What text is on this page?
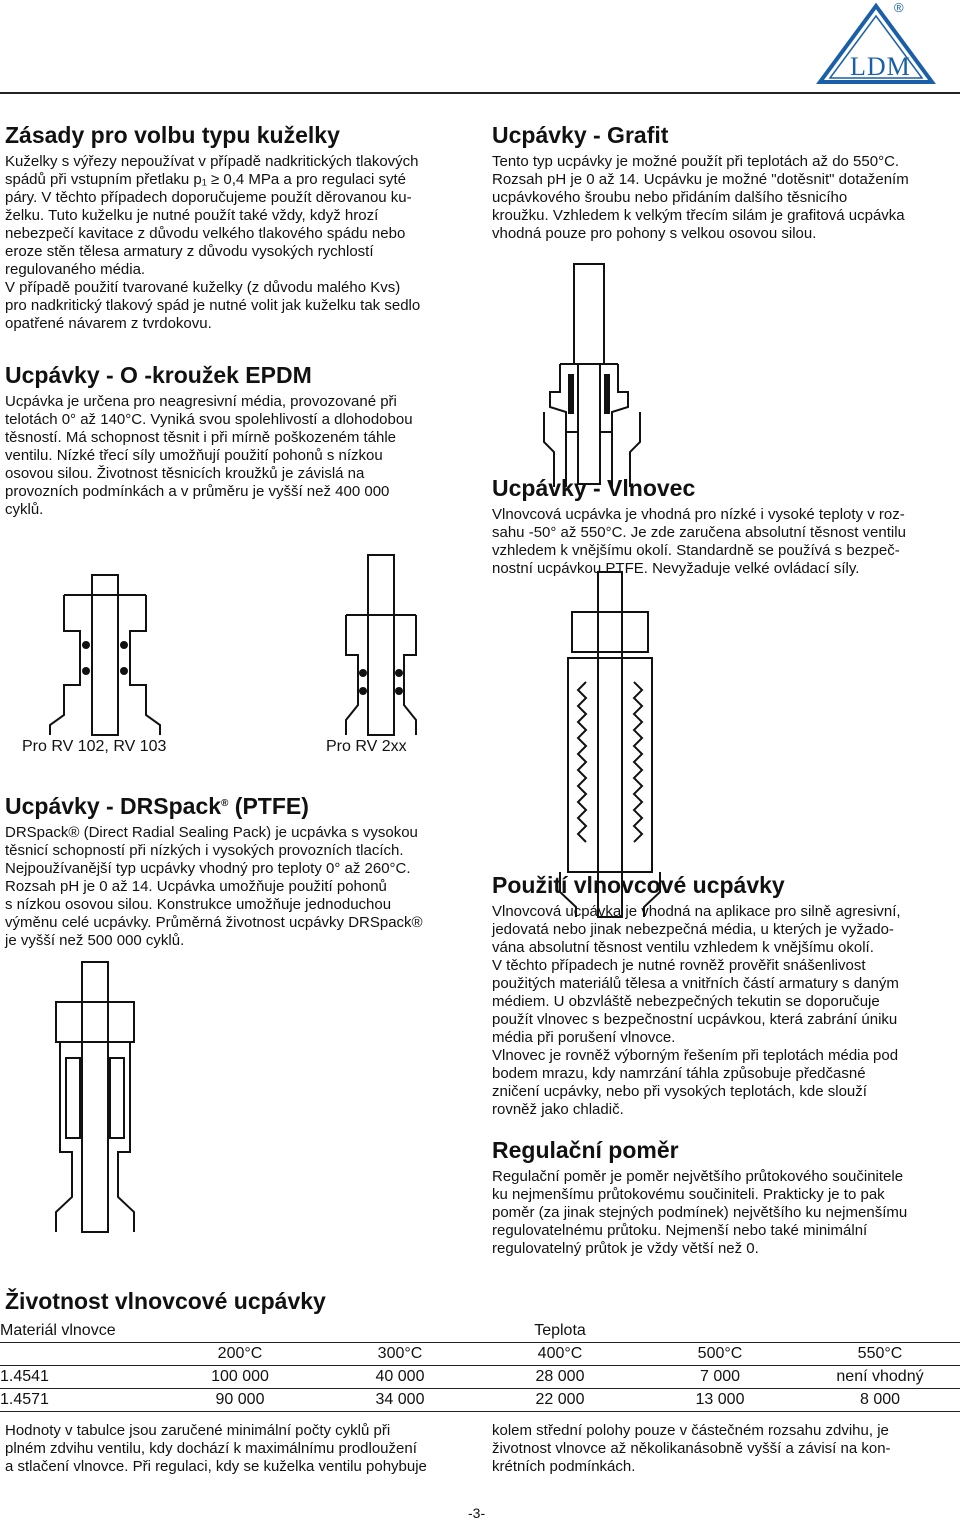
LDM
®
Zásady pro volbu typu kuželky
Kuželky s výřezy nepoužívat v případě nadkritických tlakových
spádů při vstupním přetlaku p₁ ≥ 0,4 MPa a pro regulaci syté
páry. V těchto případech doporučujeme použít děrovanou ku-
želku. Tuto kuželku je nutné použít také vždy, když hrozí
nebezpečí kavitace z důvodu velkého tlakového spádu nebo
eroze stěn tělesa armatury z důvodu vysokých rychlostí
regulovaného média.
V případě použití tvarované kuželky (z důvodu malého Kvs)
pro nadkritický tlakový spád je nutné volit jak kuželku tak sedlo
opatřené návarem z tvrdokovu.
Ucpávky - Grafit
Tento typ ucpávky je možné použít při teplotách až do 550°C.
Rozsah pH je 0 až 14. Ucpávku je možné "dotěsnit" dotažením
ucpávkového šroubu nebo přidáním dalšího těsnicího
kroužku. Vzhledem k velkým třecím silám je grafitová ucpávka
vhodná pouze pro pohony s velkou osovou silou.
Ucpávky - O -kroužek EPDM
Ucpávka je určena pro neagresivní média, provozované při
telotách 0° až 140°C. Vyniká svou spolehlivostí a dlohodobou
těsností. Má schopnost těsnit i při mírně poškozeném táhle
ventilu. Nízké třecí síly umožňují použití pohonů s nízkou
osovou silou. Životnost těsnicích kroužků je závislá na
provozních podmínkách a v průměru je vyšší než 400 000
cyklů.
Ucpávky - Vlnovec
Vlnovcová ucpávka je vhodná pro nízké i vysoké teploty v roz-
sahu -50° až 550°C. Je zde zaručena absolutní těsnost ventilu
vzhledem k vnějšímu okolí. Standardně se používá s bezpeč-
nostní ucpávkou PTFE. Nevyžaduje velké ovládací síly.
Pro RV 102, RV 103	Pro RV 2xx
Ucpávky - DRSpack® (PTFE)
DRSpack® (Direct Radial Sealing Pack) je ucpávka s vysokou
těsnicí schopností při nízkých i vysokých provozních tlacích.
Nejpoužívanější typ ucpávky vhodný pro teploty 0° až 260°C.
Rozsah pH je 0 až 14. Ucpávka umožňuje použití pohonů
s nízkou osovou silou. Konstrukce umožňuje jednoduchou
výměnu celé ucpávky. Průměrná životnost ucpávky DRSpack®
je vyšší než 500 000 cyklů.
Použití vlnovcové ucpávky
Vlnovcová ucpávka je vhodná na aplikace pro silně agresivní,
jedovatá nebo jinak nebezpečná média, u kterých je vyžado-
vána absolutní těsnost ventilu vzhledem k vnějšímu okolí.
V těchto případech je nutné rovněž prověřit snášenlivost
použitých materiálů tělesa a vnitřních částí armatury s daným
médiem. U obzvláště nebezpečných tekutin se doporučuje
použít vlnovec s bezpečnostní ucpávkou, která zabrání úniku
média při porušení vlnovce.
Vlnovec je rovněž výborným řešením při teplotách média pod
bodem mrazu, kdy namrzání táhla způsobuje předčasné
zničení ucpávky, nebo při vysokých teplotách, kde slouží
rovněž jako chladič.
Regulační poměr
Regulační poměr je poměr největšího průtokového součinitele
ku nejmenšímu průtokovému součiniteli. Prakticky je to pak
poměr (za jinak stejných podmínek) největšího ku nejmenšímu
regulovatelnému průtoku. Nejmenší nebo také minimální
regulovatelný průtok je vždy větší než 0.
Životnost vlnovcové ucpávky
Materiál vlnovce			Teplota		
	200°C	300°C	400°C	500°C	550°C
1.4541	100 000	40 000	28 000	7 000	není vhodný
1.4571	90 000	34 000	22 000	13 000	8 000
Hodnoty v tabulce jsou zaručené minimální počty cyklů při
plném zdvihu ventilu, kdy dochází k maximálnímu prodloužení
a stlačení vlnovce. Při regulaci, kdy se kuželka ventilu pohybuje
kolem střední polohy pouze v částečném rozsahu zdvihu, je
životnost vlnovce až několikanásobně vyšší a závisí na kon-
krétních podmínkách.
-3-
